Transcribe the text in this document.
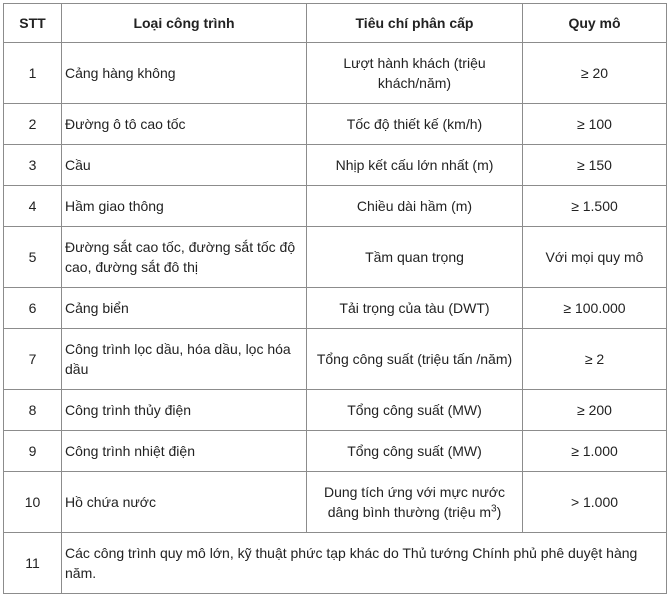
STT	Loại công trình	Tiêu chí phân cấp	Quy mô
1	Cảng hàng không	Lượt hành khách (triệu khách/năm)	≥ 20
2	Đường ô tô cao tốc	Tốc độ thiết kế (km/h)	≥ 100
3	Cầu	Nhịp kết cấu lớn nhất (m)	≥ 150
4	Hầm giao thông	Chiều dài hầm (m)	≥ 1.500
5	Đường sắt cao tốc, đường sắt tốc độ cao, đường sắt đô thị	Tầm quan trọng	Với mọi quy mô
6	Cảng biển	Tải trọng của tàu (DWT)	≥ 100.000
7	Công trình lọc dầu, hóa dầu, lọc hóa dầu	Tổng công suất (triệu tấn /năm)	≥ 2
8	Công trình thủy điện	Tổng công suất (MW)	≥ 200
9	Công trình nhiệt điện	Tổng công suất (MW)	≥ 1.000
10	Hồ chứa nước	Dung tích ứng với mực nước dâng bình thường (triệu $m^3$)	> 1.000
11	Các công trình quy mô lớn, kỹ thuật phức tạp khác do Thủ tướng Chính phủ phê duyệt hàng năm.		
